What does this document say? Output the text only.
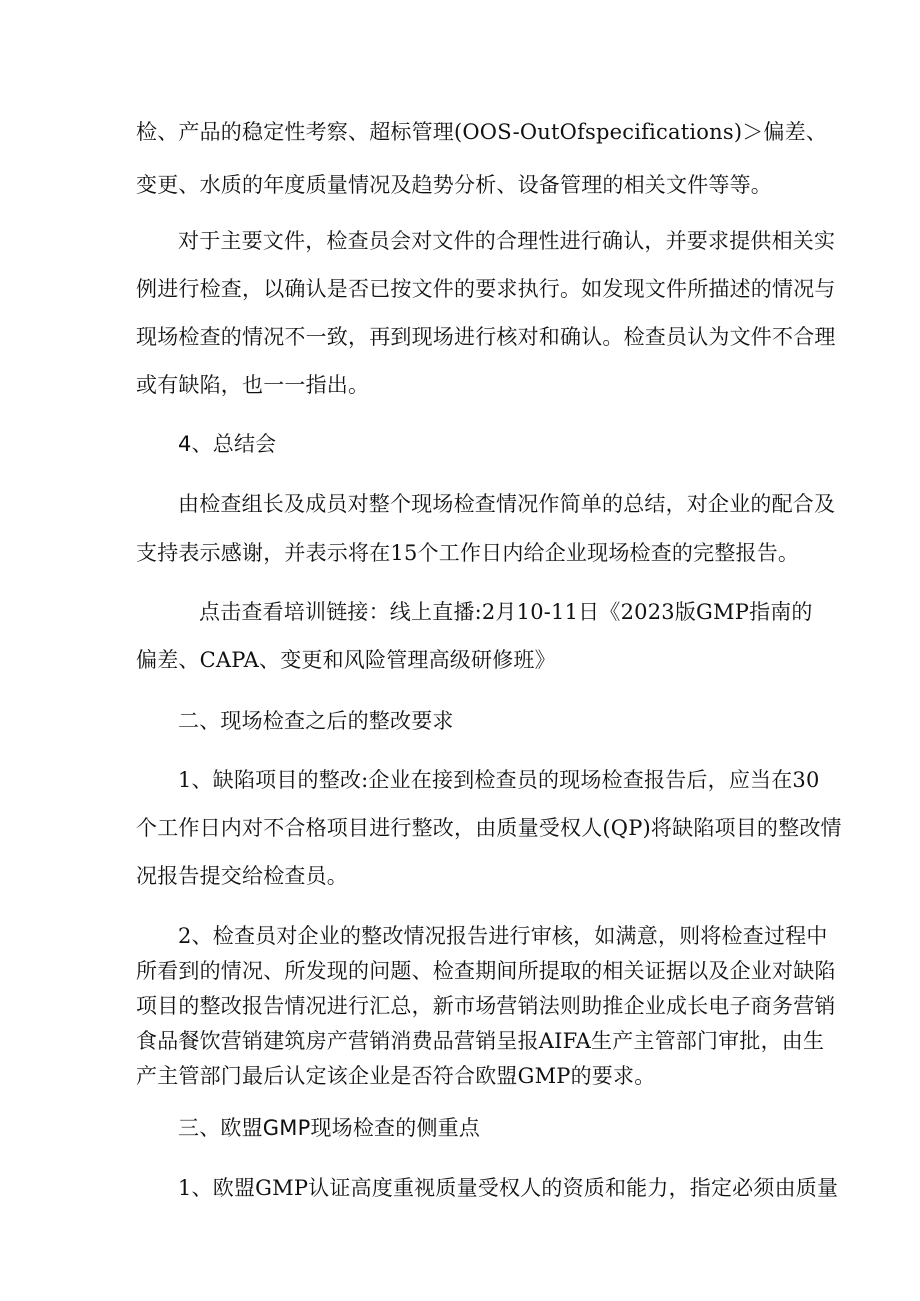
检、产品的稳定性考察、超标管理(OOS-OutOfspecifications)＞偏差、
变更、水质的年度质量情况及趋势分析、设备管理的相关文件等等。
对于主要文件，检查员会对文件的合理性进行确认，并要求提供相关实
例进行检查，以确认是否已按文件的要求执行。如发现文件所描述的情况与
现场检查的情况不一致，再到现场进行核对和确认。检查员认为文件不合理
或有缺陷，也一一指出。
4、总结会
由检查组长及成员对整个现场检查情况作简单的总结，对企业的配合及
支持表示感谢，并表示将在15个工作日内给企业现场检查的完整报告。
点击查看培训链接：线上直播:2月10-11日《2023版GMP指南的
偏差、CAPA、变更和风险管理高级研修班》
二、现场检查之后的整改要求
1、缺陷项目的整改:企业在接到检查员的现场检查报告后，应当在30
个工作日内对不合格项目进行整改，由质量受权人(QP)将缺陷项目的整改情
况报告提交给检查员。
2、检查员对企业的整改情况报告进行审核，如满意，则将检查过程中
所看到的情况、所发现的问题、检查期间所提取的相关证据以及企业对缺陷
项目的整改报告情况进行汇总，新市场营销法则助推企业成长电子商务营销
食品餐饮营销建筑房产营销消费品营销呈报AIFA生产主管部门审批，由生
产主管部门最后认定该企业是否符合欧盟GMP的要求。
三、欧盟GMP现场检查的侧重点
1、欧盟GMP认证高度重视质量受权人的资质和能力，指定必须由质量
